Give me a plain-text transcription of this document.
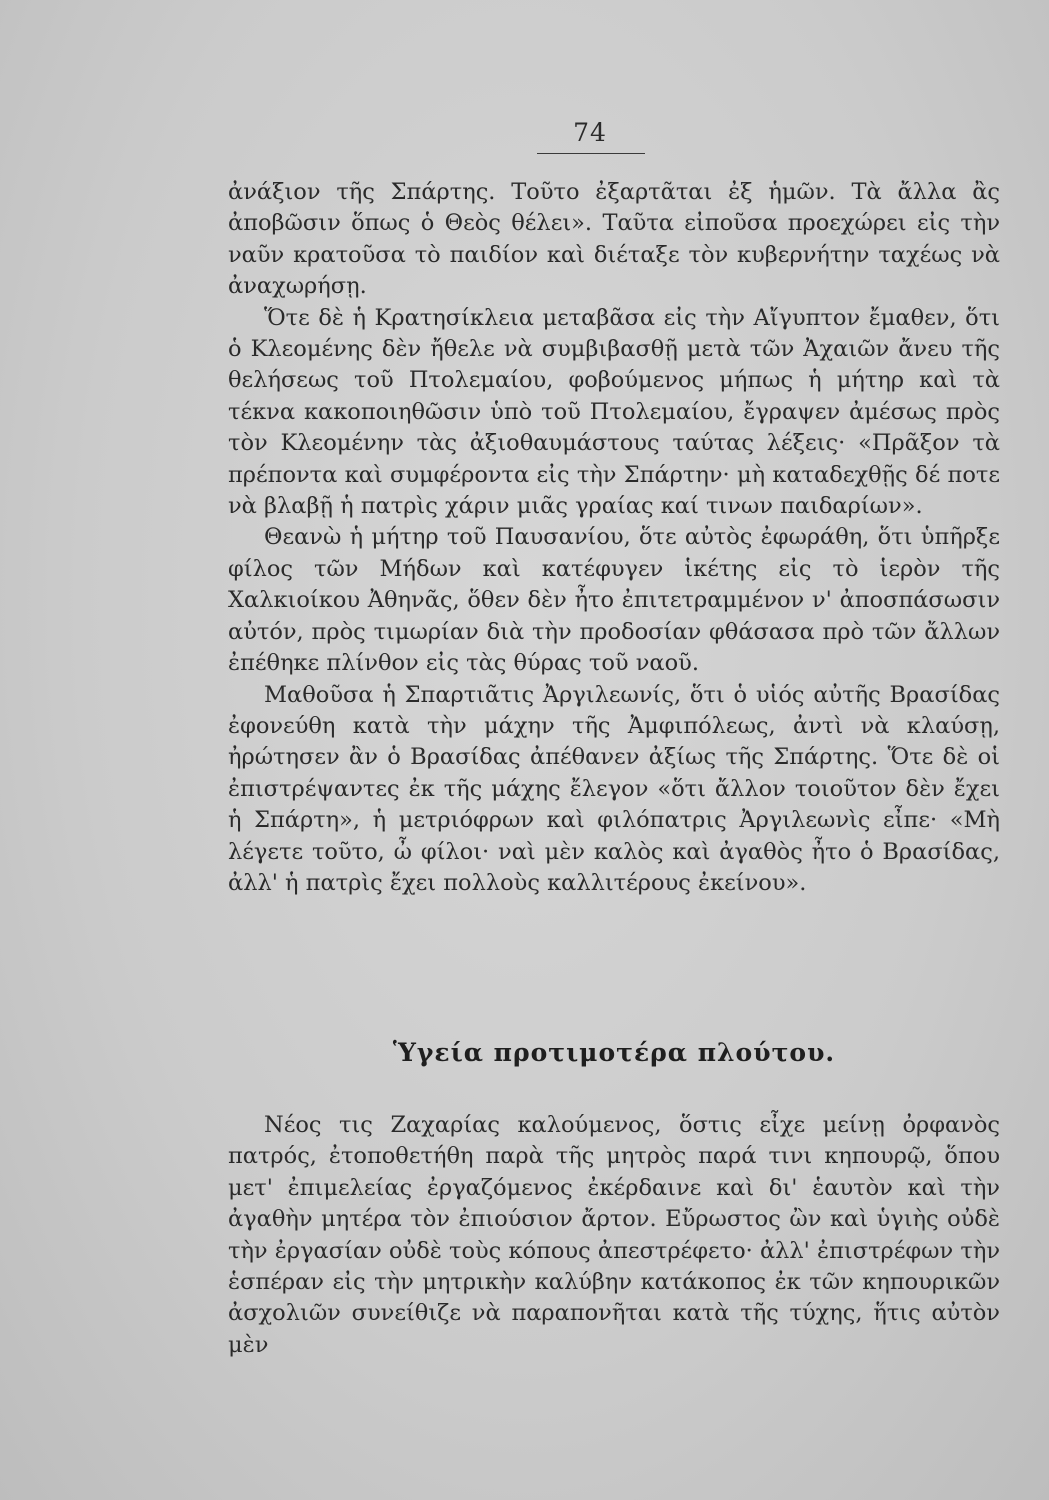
74

ἀνάξιον τῆς Σπάρτης. Τοῦτο ἐξαρτᾶται ἐξ ἡμῶν. Τὰ ἄλλα ἂς ἀποβῶσιν ὅπως ὁ Θεὸς θέλει». Ταῦτα εἰποῦσα προεχώρει εἰς τὴν ναῦν κρατοῦσα τὸ παιδίον καὶ διέταξε τὸν κυβερνήτην ταχέως νὰ ἀναχωρήσῃ.

Ὅτε δὲ ἡ Κρατησίκλεια μεταβᾶσα εἰς τὴν Αἴγυπτον ἔμαθεν, ὅτι ὁ Κλεομένης δὲν ἤθελε νὰ συμβιβασθῇ μετὰ τῶν Ἀχαιῶν ἄνευ τῆς θελήσεως τοῦ Πτολεμαίου, φοβούμενος μήπως ἡ μήτηρ καὶ τὰ τέκνα κακοποιηθῶσιν ὑπὸ τοῦ Πτολεμαίου, ἔγραψεν ἀμέσως πρὸς τὸν Κλεομένην τὰς ἀξιοθαυμάστους ταύτας λέξεις· «Πρᾶξον τὰ πρέποντα καὶ συμφέροντα εἰς τὴν Σπάρτην· μὴ καταδεχθῇς δέ ποτε νὰ βλαβῇ ἡ πατρὶς χάριν μιᾶς γραίας καί τινων παιδαρίων».

Θεανὼ ἡ μήτηρ τοῦ Παυσανίου, ὅτε αὐτὸς ἐφωράθη, ὅτι ὑπῆρξε φίλος τῶν Μήδων καὶ κατέφυγεν ἱκέτης εἰς τὸ ἱερὸν τῆς Χαλκιοίκου Ἀθηνᾶς, ὅθεν δὲν ἦτο ἐπιτετραμμένον ν' ἀποσπάσωσιν αὐτόν, πρὸς τιμωρίαν διὰ τὴν προδοσίαν φθάσασα πρὸ τῶν ἄλλων ἐπέθηκε πλίνθον εἰς τὰς θύρας τοῦ ναοῦ.

Μαθοῦσα ἡ Σπαρτιᾶτις Ἀργιλεωνίς, ὅτι ὁ υἱός αὐτῆς Βρασίδας ἐφονεύθη κατὰ τὴν μάχην τῆς Ἀμφιπόλεως, ἀντὶ νὰ κλαύσῃ, ἠρώτησεν ἂν ὁ Βρασίδας ἀπέθανεν ἀξίως τῆς Σπάρτης. Ὅτε δὲ οἱ ἐπιστρέψαντες ἐκ τῆς μάχης ἔλεγον «ὅτι ἄλλον τοιοῦτον δὲν ἔχει ἡ Σπάρτη», ἡ μετριόφρων καὶ φιλόπατρις Ἀργιλεωνὶς εἶπε· «Μὴ λέγετε τοῦτο, ὦ φίλοι· ναὶ μὲν καλὸς καὶ ἀγαθὸς ἦτο ὁ Βρασίδας, ἀλλ' ἡ πατρὶς ἔχει πολλοὺς καλλιτέρους ἐκείνου».

Ὑγεία προτιμοτέρα πλούτου.

Νέος τις Ζαχαρίας καλούμενος, ὅστις εἶχε μείνῃ ὀρφανὸς πατρός, ἐτοποθετήθη παρὰ τῆς μητρὸς παρά τινι κηπουρῷ, ὅπου μετ' ἐπιμελείας ἐργαζόμενος ἐκέρδαινε καὶ δι' ἑαυτὸν καὶ τὴν ἀγαθὴν μητέρα τὸν ἐπιούσιον ἄρτον. Εὔρωστος ὢν καὶ ὑγιὴς οὐδὲ τὴν ἐργασίαν οὐδὲ τοὺς κόπους ἀπεστρέφετο· ἀλλ' ἐπιστρέφων τὴν ἑσπέραν εἰς τὴν μητρικὴν καλύβην κατάκοπος ἐκ τῶν κηπουρικῶν ἀσχολιῶν συνείθιζε νὰ παραπονῆται κατὰ τῆς τύχης, ἥτις αὐτὸν μὲν
